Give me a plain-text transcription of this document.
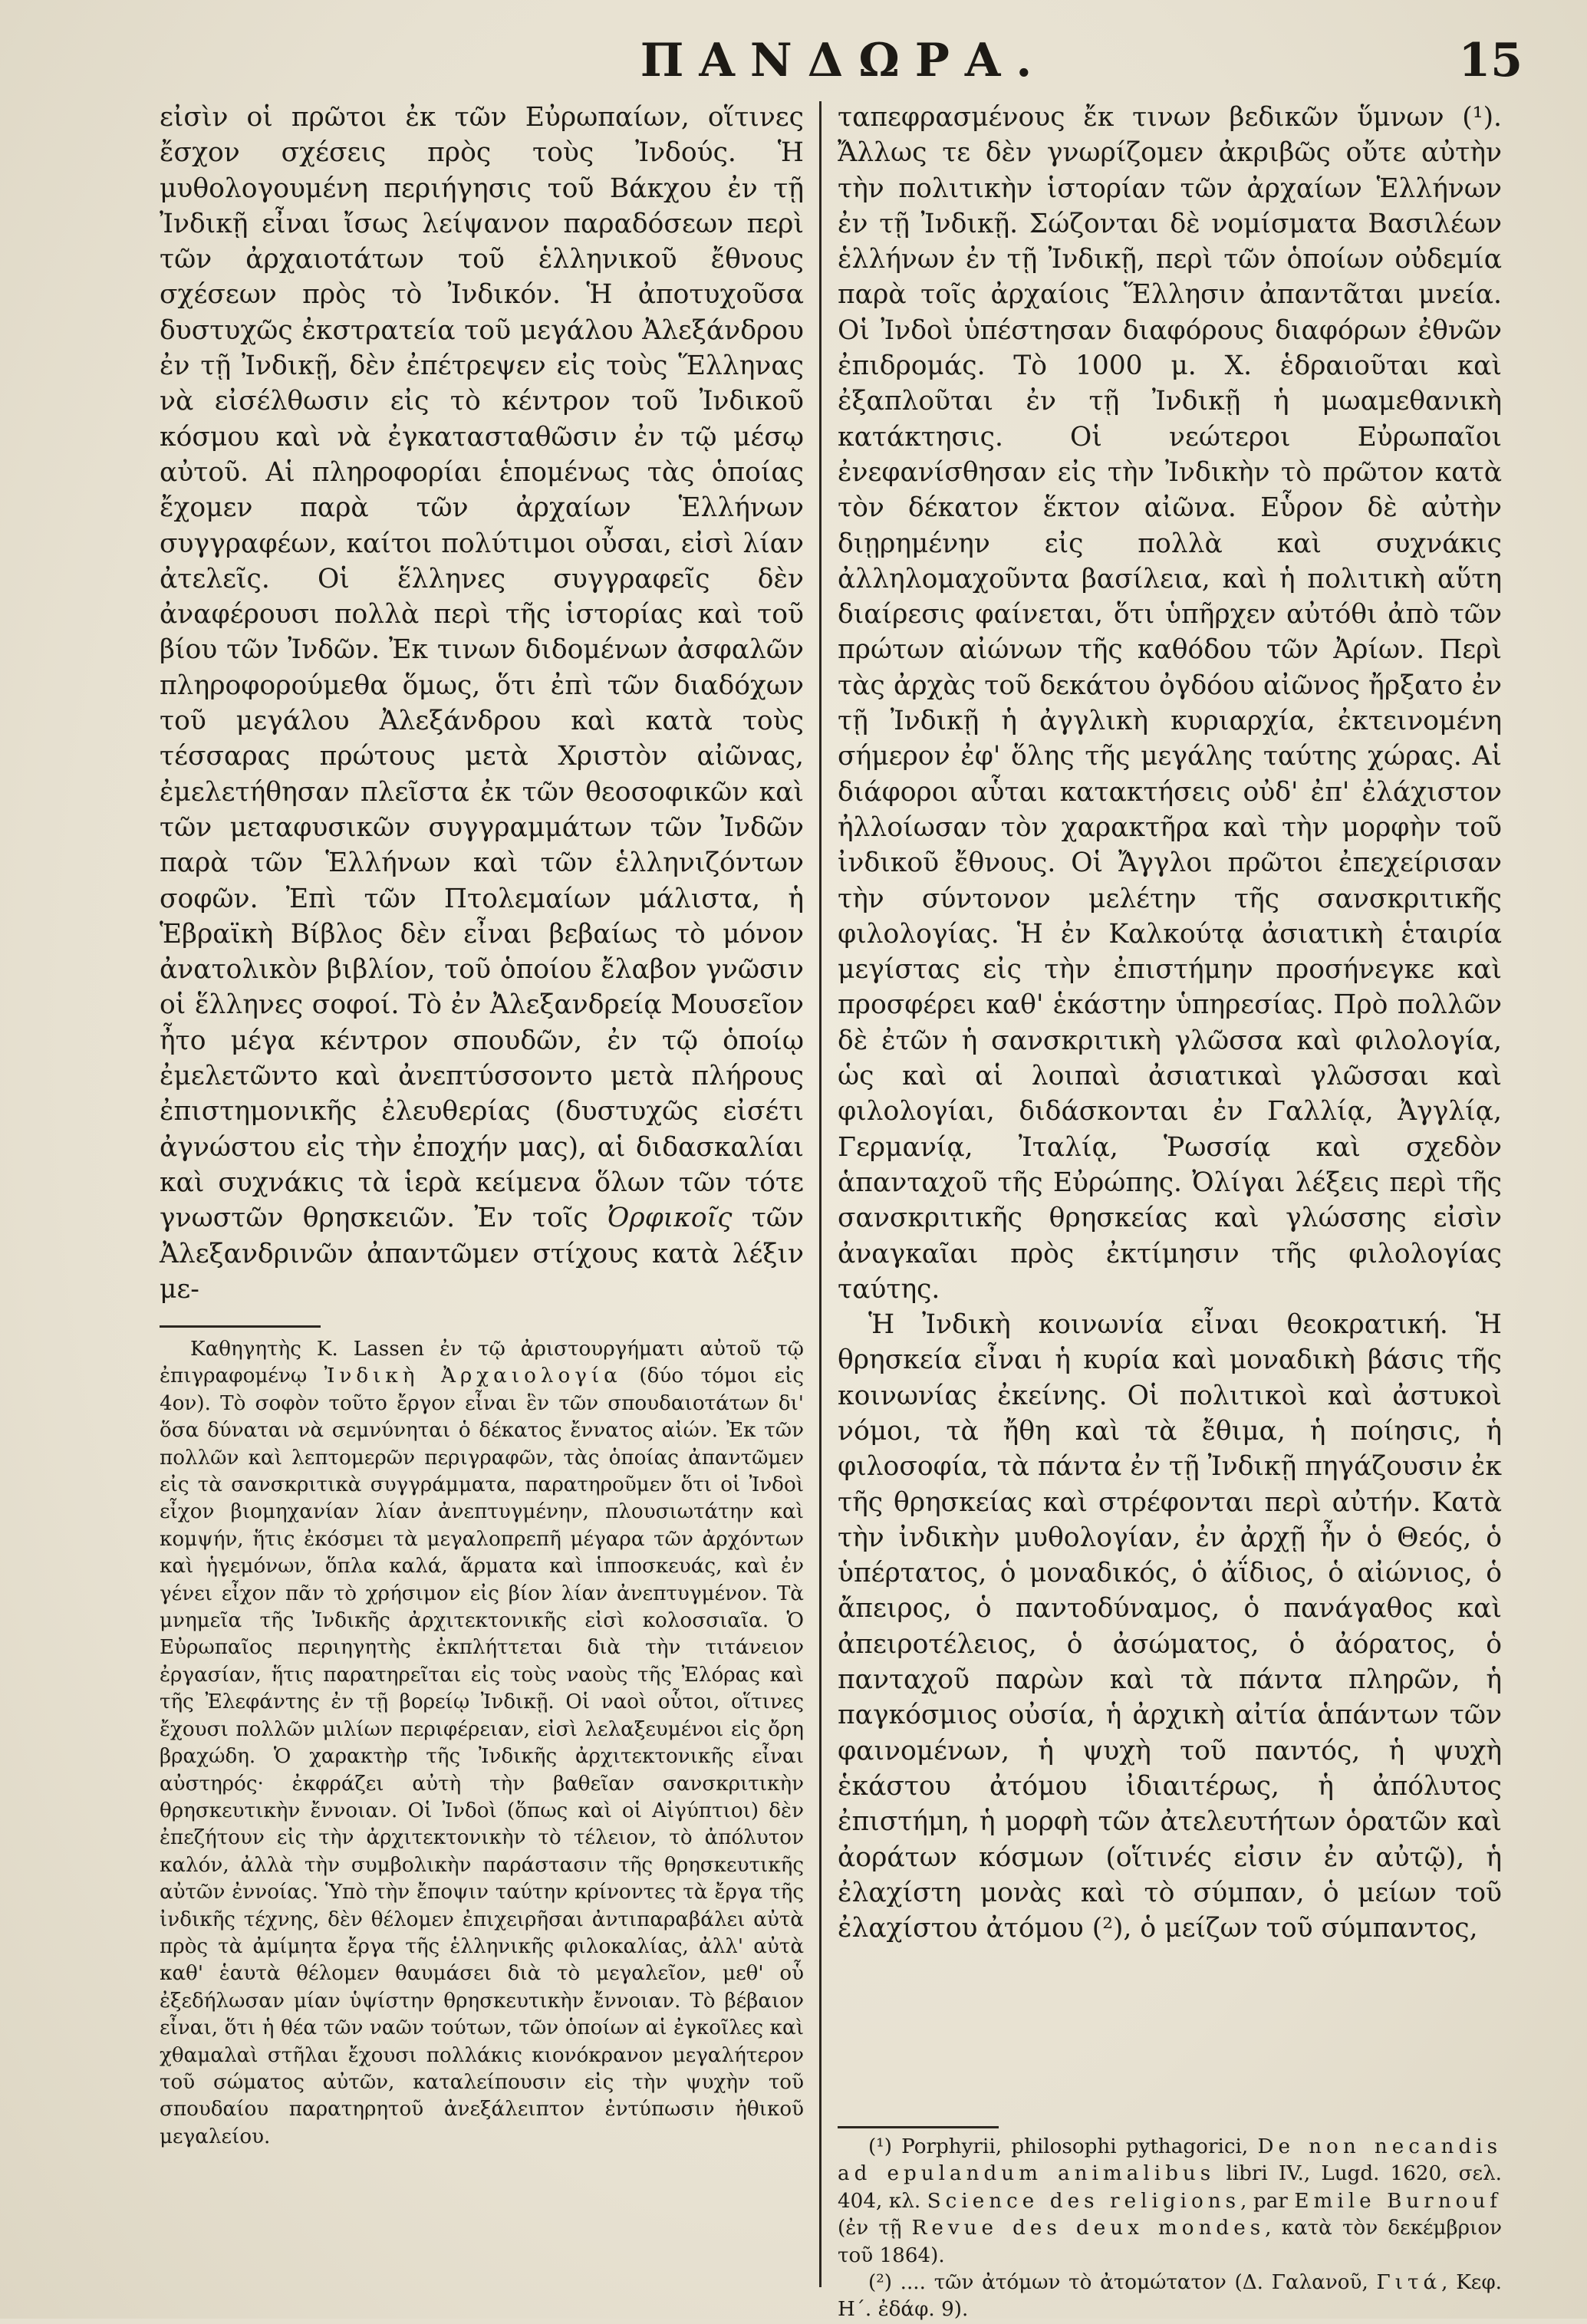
ΠΑΝΔΩΡΑ.	15

εἰσὶν οἱ πρῶτοι ἐκ τῶν Εὐρωπαίων, οἵτινες ἔσχον σχέσεις πρὸς τοὺς Ἰνδούς. Ἡ μυθολογουμένη περιήγησις τοῦ Βάκχου ἐν τῇ Ἰνδικῇ εἶναι ἴσως λείψανον παραδόσεων περὶ τῶν ἀρχαιοτάτων τοῦ ἑλληνικοῦ ἔθνους σχέσεων πρὸς τὸ Ἰνδικόν. Ἡ ἀποτυχοῦσα δυστυχῶς ἐκστρατεία τοῦ μεγάλου Ἀλεξάνδρου ἐν τῇ Ἰνδικῇ, δὲν ἐπέτρεψεν εἰς τοὺς Ἕλληνας νὰ εἰσέλθωσιν εἰς τὸ κέντρον τοῦ Ἰνδικοῦ κόσμου καὶ νὰ ἐγκατασταθῶσιν ἐν τῷ μέσῳ αὐτοῦ. Αἱ πληροφορίαι ἑπομένως τὰς ὁποίας ἔχομεν παρὰ τῶν ἀρχαίων Ἑλλήνων συγγραφέων, καίτοι πολύτιμοι οὖσαι, εἰσὶ λίαν ἀτελεῖς. Οἱ ἕλληνες συγγραφεῖς δὲν ἀναφέρουσι πολλὰ περὶ τῆς ἱστορίας καὶ τοῦ βίου τῶν Ἰνδῶν. Ἐκ τινων διδομένων ἀσφαλῶν πληροφορούμεθα ὅμως, ὅτι ἐπὶ τῶν διαδόχων τοῦ μεγάλου Ἀλεξάνδρου καὶ κατὰ τοὺς τέσσαρας πρώτους μετὰ Χριστὸν αἰῶνας, ἐμελετήθησαν πλεῖστα ἐκ τῶν θεοσοφικῶν καὶ τῶν μεταφυσικῶν συγγραμμάτων τῶν Ἰνδῶν παρὰ τῶν Ἑλλήνων καὶ τῶν ἑλληνιζόντων σοφῶν. Ἐπὶ τῶν Πτολεμαίων μάλιστα, ἡ Ἑβραϊκὴ Βίβλος δὲν εἶναι βεβαίως τὸ μόνον ἀνατολικὸν βιβλίον, τοῦ ὁποίου ἔλαβον γνῶσιν οἱ ἕλληνες σοφοί. Τὸ ἐν Ἀλεξανδρείᾳ Μουσεῖον ἦτο μέγα κέντρον σπουδῶν, ἐν τῷ ὁποίῳ ἐμελετῶντο καὶ ἀνεπτύσσοντο μετὰ πλήρους ἐπιστημονικῆς ἐλευθερίας (δυστυχῶς εἰσέτι ἀγνώστου εἰς τὴν ἐποχήν μας), αἱ διδασκαλίαι καὶ συχνάκις τὰ ἱερὰ κείμενα ὅλων τῶν τότε γνωστῶν θρησκειῶν. Ἐν τοῖς Ὀρφικοῖς τῶν Ἀλεξανδρινῶν ἀπαντῶμεν στίχους κατὰ λέξιν με-

Καθηγητὴς Κ. Lassen ἐν τῷ ἀριστουργήματι αὐτοῦ τῷ ἐπιγραφομένῳ Ἰνδικὴ Ἀρχαιολογία (δύο τόμοι εἰς 4ον). Τὸ σοφὸν τοῦτο ἔργον εἶναι ἓν τῶν σπουδαιοτάτων δι' ὅσα δύναται νὰ σεμνύνηται ὁ δέκατος ἔννατος αἰών. Ἐκ τῶν πολλῶν καὶ λεπτομερῶν περιγραφῶν, τὰς ὁποίας ἀπαντῶμεν εἰς τὰ σανσκριτικὰ συγγράμματα, παρατηροῦμεν ὅτι οἱ Ἰνδοὶ εἶχον βιομηχανίαν λίαν ἀνεπτυγμένην, πλουσιωτάτην καὶ κομψήν, ἥτις ἐκόσμει τὰ μεγαλοπρεπῆ μέγαρα τῶν ἀρχόντων καὶ ἡγεμόνων, ὅπλα καλά, ἅρματα καὶ ἱπποσκευάς, καὶ ἐν γένει εἶχον πᾶν τὸ χρήσιμον εἰς βίον λίαν ἀνεπτυγμένον. Τὰ μνημεῖα τῆς Ἰνδικῆς ἀρχιτεκτονικῆς εἰσὶ κολοσσιαῖα. Ὁ Εὐρωπαῖος περιηγητὴς ἐκπλήττεται διὰ τὴν τιτάνειον ἐργασίαν, ἥτις παρατηρεῖται εἰς τοὺς ναοὺς τῆς Ἐλόρας καὶ τῆς Ἐλεφάντης ἐν τῇ βορείῳ Ἰνδικῇ. Οἱ ναοὶ οὗτοι, οἵτινες ἔχουσι πολλῶν μιλίων περιφέρειαν, εἰσὶ λελαξευμένοι εἰς ὄρη βραχώδη. Ὁ χαρακτὴρ τῆς Ἰνδικῆς ἀρχιτεκτονικῆς εἶναι αὐστηρός· ἐκφράζει αὐτὴ τὴν βαθεῖαν σανσκριτικὴν θρησκευτικὴν ἔννοιαν. Οἱ Ἰνδοὶ (ὅπως καὶ οἱ Αἰγύπτιοι) δὲν ἐπεζήτουν εἰς τὴν ἀρχιτεκτονικὴν τὸ τέλειον, τὸ ἀπόλυτον καλόν, ἀλλὰ τὴν συμβολικὴν παράστασιν τῆς θρησκευτικῆς αὐτῶν ἐννοίας. Ὑπὸ τὴν ἔποψιν ταύτην κρίνοντες τὰ ἔργα τῆς ἰνδικῆς τέχνης, δὲν θέλομεν ἐπιχειρῆσαι ἀντιπαραβάλει αὐτὰ πρὸς τὰ ἀμίμητα ἔργα τῆς ἑλληνικῆς φιλοκαλίας, ἀλλ' αὐτὰ καθ' ἑαυτὰ θέλομεν θαυμάσει διὰ τὸ μεγαλεῖον, μεθ' οὗ ἐξεδήλωσαν μίαν ὑψίστην θρησκευτικὴν ἔννοιαν. Τὸ βέβαιον εἶναι, ὅτι ἡ θέα τῶν ναῶν τούτων, τῶν ὁποίων αἱ ἐγκοῖλες καὶ χθαμαλαὶ στῆλαι ἔχουσι πολλάκις κιονόκρανον μεγαλήτερον τοῦ σώματος αὐτῶν, καταλείπουσιν εἰς τὴν ψυχὴν τοῦ σπουδαίου παρατηρητοῦ ἀνεξάλειπτον ἐντύπωσιν ἠθικοῦ μεγαλείου.

ταπεφρασμένους ἔκ τινων βεδικῶν ὕμνων (¹). Ἄλλως τε δὲν γνωρίζομεν ἀκριβῶς οὔτε αὐτὴν τὴν πολιτικὴν ἱστορίαν τῶν ἀρχαίων Ἑλλήνων ἐν τῇ Ἰνδικῇ. Σώζονται δὲ νομίσματα Βασιλέων ἑλλήνων ἐν τῇ Ἰνδικῇ, περὶ τῶν ὁποίων οὐδεμία παρὰ τοῖς ἀρχαίοις Ἕλλησιν ἀπαντᾶται μνεία. Οἱ Ἰνδοὶ ὑπέστησαν διαφόρους διαφόρων ἐθνῶν ἐπιδρομάς. Τὸ 1000 μ. Χ. ἑδραιοῦται καὶ ἐξαπλοῦται ἐν τῇ Ἰνδικῇ ἡ μωαμεθανικὴ κατάκτησις. Οἱ νεώτεροι Εὐρωπαῖοι ἐνεφανίσθησαν εἰς τὴν Ἰνδικὴν τὸ πρῶτον κατὰ τὸν δέκατον ἕκτον αἰῶνα. Εὗρον δὲ αὐτὴν διῃρημένην εἰς πολλὰ καὶ συχνάκις ἀλληλομαχοῦντα βασίλεια, καὶ ἡ πολιτικὴ αὕτη διαίρεσις φαίνεται, ὅτι ὑπῆρχεν αὐτόθι ἀπὸ τῶν πρώτων αἰώνων τῆς καθόδου τῶν Ἀρίων. Περὶ τὰς ἀρχὰς τοῦ δεκάτου ὀγδόου αἰῶνος ἤρξατο ἐν τῇ Ἰνδικῇ ἡ ἀγγλικὴ κυριαρχία, ἐκτεινομένη σήμερον ἐφ' ὅλης τῆς μεγάλης ταύτης χώρας. Αἱ διάφοροι αὗται κατακτήσεις οὐδ' ἐπ' ἐλάχιστον ἠλλοίωσαν τὸν χαρακτῆρα καὶ τὴν μορφὴν τοῦ ἰνδικοῦ ἔθνους. Οἱ Ἄγγλοι πρῶτοι ἐπεχείρισαν τὴν σύντονον μελέτην τῆς σανσκριτικῆς φιλολογίας. Ἡ ἐν Καλκούτᾳ ἀσιατικὴ ἑταιρία μεγίστας εἰς τὴν ἐπιστήμην προσήνεγκε καὶ προσφέρει καθ' ἑκάστην ὑπηρεσίας. Πρὸ πολλῶν δὲ ἐτῶν ἡ σανσκριτικὴ γλῶσσα καὶ φιλολογία, ὡς καὶ αἱ λοιπαὶ ἀσιατικαὶ γλῶσσαι καὶ φιλολογίαι, διδάσκονται ἐν Γαλλίᾳ, Ἀγγλίᾳ, Γερμανίᾳ, Ἰταλίᾳ, Ῥωσσίᾳ καὶ σχεδὸν ἁπανταχοῦ τῆς Εὐρώπης. Ὀλίγαι λέξεις περὶ τῆς σανσκριτικῆς θρησκείας καὶ γλώσσης εἰσὶν ἀναγκαῖαι πρὸς ἐκτίμησιν τῆς φιλολογίας ταύτης.

Ἡ Ἰνδικὴ κοινωνία εἶναι θεοκρατική. Ἡ θρησκεία εἶναι ἡ κυρία καὶ μοναδικὴ βάσις τῆς κοινωνίας ἐκείνης. Οἱ πολιτικοὶ καὶ ἀστυκοὶ νόμοι, τὰ ἤθη καὶ τὰ ἔθιμα, ἡ ποίησις, ἡ φιλοσοφία, τὰ πάντα ἐν τῇ Ἰνδικῇ πηγάζουσιν ἐκ τῆς θρησκείας καὶ στρέφονται περὶ αὐτήν. Κατὰ τὴν ἰνδικὴν μυθολογίαν, ἐν ἀρχῇ ἦν ὁ Θεός, ὁ ὑπέρτατος, ὁ μοναδικός, ὁ ἀΐδιος, ὁ αἰώνιος, ὁ ἄπειρος, ὁ παντοδύναμος, ὁ πανάγαθος καὶ ἀπειροτέλειος, ὁ ἀσώματος, ὁ ἀόρατος, ὁ πανταχοῦ παρὼν καὶ τὰ πάντα πληρῶν, ἡ παγκόσμιος οὐσία, ἡ ἀρχικὴ αἰτία ἁπάντων τῶν φαινομένων, ἡ ψυχὴ τοῦ παντός, ἡ ψυχὴ ἑκάστου ἀτόμου ἰδιαιτέρως, ἡ ἀπόλυτος ἐπιστήμη, ἡ μορφὴ τῶν ἀτελευτήτων ὁρατῶν καὶ ἀοράτων κόσμων (οἵτινές εἰσιν ἐν αὐτῷ), ἡ ἐλαχίστη μονὰς καὶ τὸ σύμπαν, ὁ μείων τοῦ ἐλαχίστου ἀτόμου (²), ὁ μείζων τοῦ σύμπαντος,

(¹) Porphyrii, philosophi pythagorici, De non necandis ad epulandum animalibus libri IV., Lugd. 1620, σελ. 404, κλ. Science des religions, par Emile Burnouf (ἐν τῇ Revue des deux mondes, κατὰ τὸν δεκέμβριον τοῦ 1864).

(²) .... τῶν ἀτόμων τὸ ἀτομώτατον (Δ. Γαλανοῦ, Γιτά, Κεφ. Η΄. ἐδάφ. 9).
